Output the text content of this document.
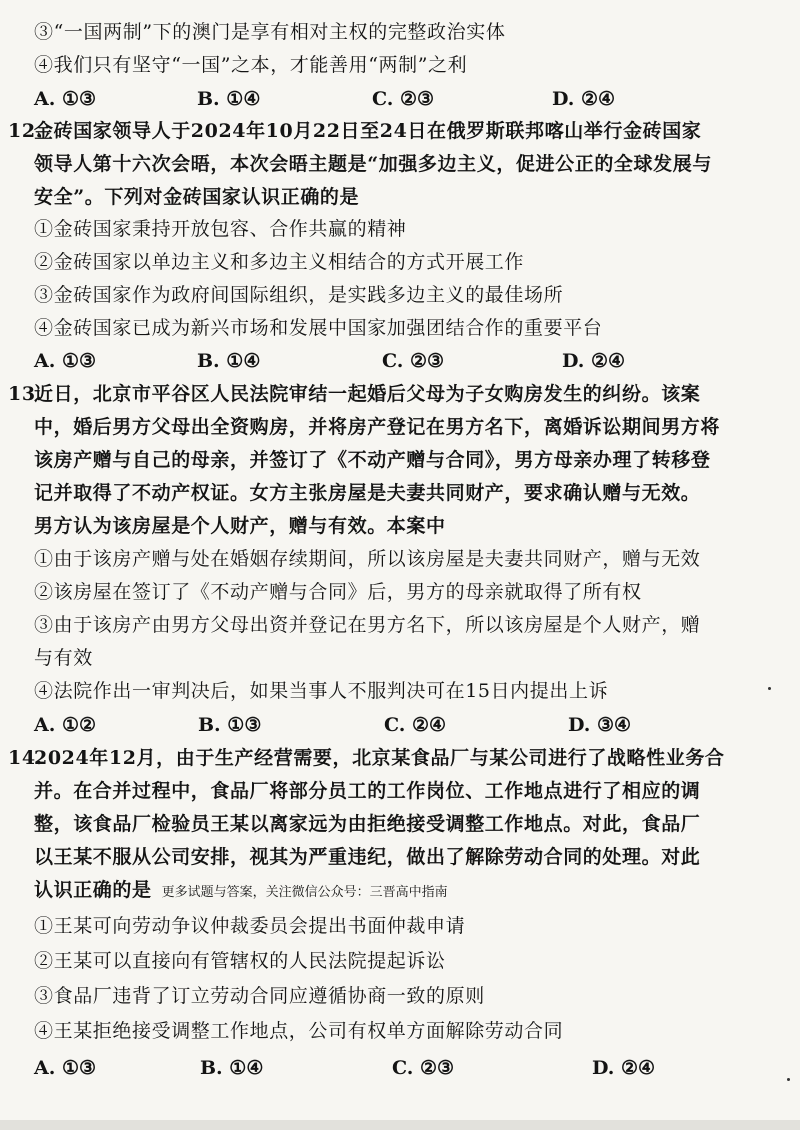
③“一国两制”下的澳门是享有相对主权的完整政治实体
④我们只有坚守“一国”之本，才能善用“两制”之利
A. ①③	B. ①④	C. ②③	D. ②④
12.
金砖国家领导人于2024年10月22日至24日在俄罗斯联邦喀山举行金砖国家
领导人第十六次会晤，本次会晤主题是“加强多边主义，促进公正的全球发展与
安全”。下列对金砖国家认识正确的是
①金砖国家秉持开放包容、合作共赢的精神
②金砖国家以单边主义和多边主义相结合的方式开展工作
③金砖国家作为政府间国际组织，是实践多边主义的最佳场所
④金砖国家已成为新兴市场和发展中国家加强团结合作的重要平台
A. ①③	B. ①④	C. ②③	D. ②④
13.
近日，北京市平谷区人民法院审结一起婚后父母为子女购房发生的纠纷。该案
中，婚后男方父母出全资购房，并将房产登记在男方名下，离婚诉讼期间男方将
该房产赠与自己的母亲，并签订了《不动产赠与合同》，男方母亲办理了转移登
记并取得了不动产权证。女方主张房屋是夫妻共同财产，要求确认赠与无效。
男方认为该房屋是个人财产，赠与有效。本案中
①由于该房产赠与处在婚姻存续期间，所以该房屋是夫妻共同财产，赠与无效
②该房屋在签订了《不动产赠与合同》后，男方的母亲就取得了所有权
③由于该房产由男方父母出资并登记在男方名下，所以该房屋是个人财产，赠
与有效
④法院作出一审判决后，如果当事人不服判决可在15日内提出上诉
A. ①②	B. ①③	C. ②④	D. ③④
14.
2024年12月，由于生产经营需要，北京某食品厂与某公司进行了战略性业务合
并。在合并过程中，食品厂将部分员工的工作岗位、工作地点进行了相应的调
整，该食品厂检验员王某以离家远为由拒绝接受调整工作地点。对此，食品厂
以王某不服从公司安排，视其为严重违纪，做出了解除劳动合同的处理。对此
认识正确的是 更多试题与答案，关注微信公众号：三晋高中指南
①王某可向劳动争议仲裁委员会提出书面仲裁申请
②王某可以直接向有管辖权的人民法院提起诉讼
③食品厂违背了订立劳动合同应遵循协商一致的原则
④王某拒绝接受调整工作地点，公司有权单方面解除劳动合同
A. ①③	B. ①④	C. ②③	D. ②④
